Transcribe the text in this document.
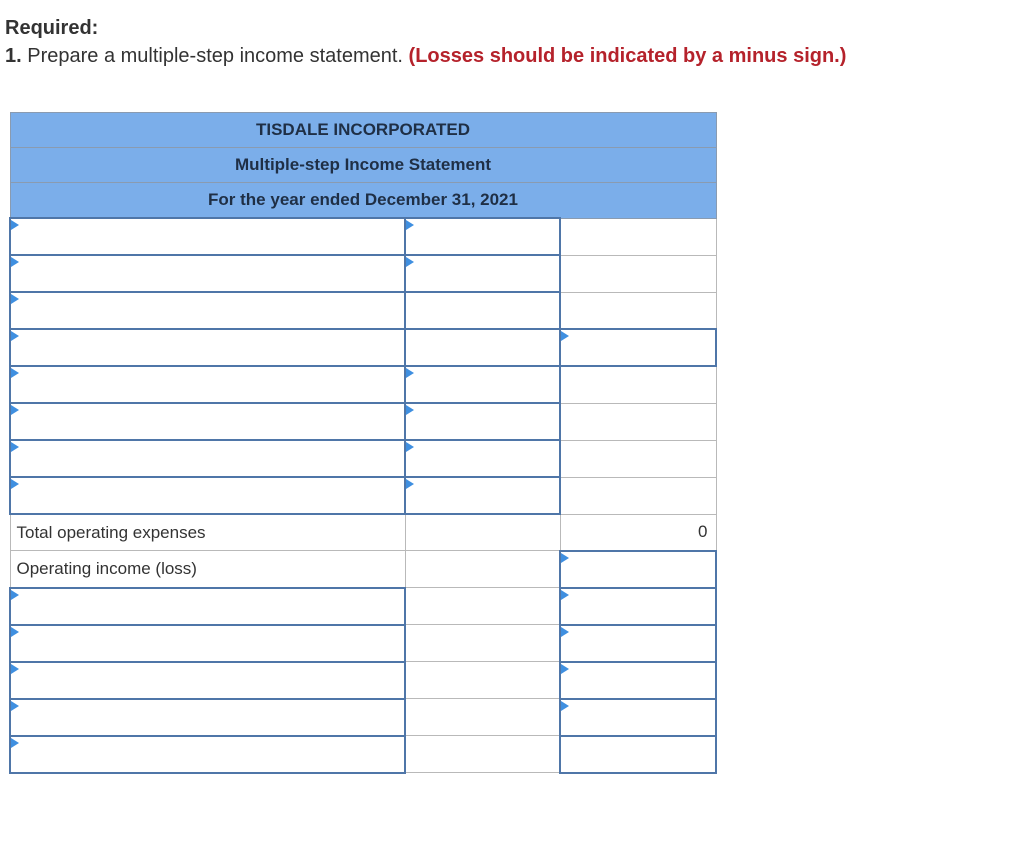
Required:
1. Prepare a multiple-step income statement. (Losses should be indicated by a minus sign.)
TISDALE INCORPORATED		
Multiple-step Income Statement		
For the year ended December 31, 2021		

Total operating expenses		0
Operating income (loss)		
